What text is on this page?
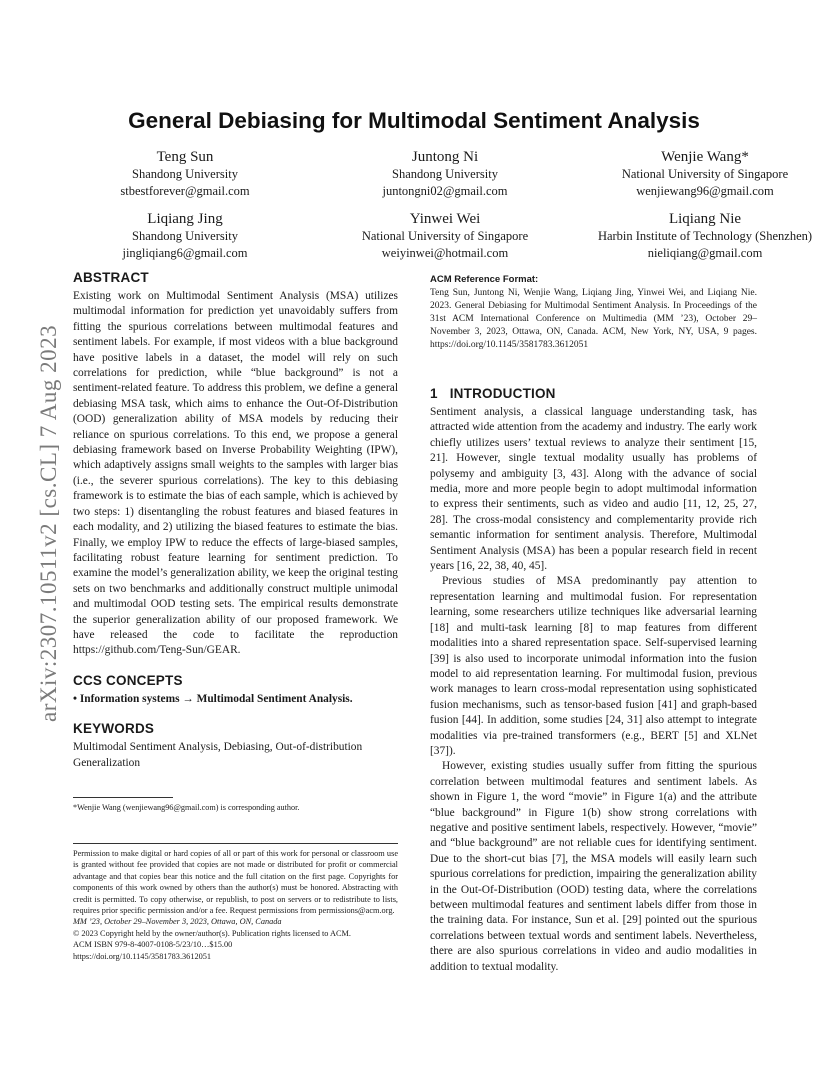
arXiv:2307.10511v2 [cs.CL] 7 Aug 2023
General Debiasing for Multimodal Sentiment Analysis
Teng Sun
Shandong University
stbestforever@gmail.com
Juntong Ni
Shandong University
juntongni02@gmail.com
Wenjie Wang*
National University of Singapore
wenjiewang96@gmail.com
Liqiang Jing
Shandong University
jingliqiang6@gmail.com
Yinwei Wei
National University of Singapore
weiyinwei@hotmail.com
Liqiang Nie
Harbin Institute of Technology (Shenzhen)
nieliqiang@gmail.com
ABSTRACT

Existing work on Multimodal Sentiment Analysis (MSA) utilizes multimodal information for prediction yet unavoidably suffers from fitting the spurious correlations between multimodal features and sentiment labels. For example, if most videos with a blue background have positive labels in a dataset, the model will rely on such correlations for prediction, while “blue background” is not a sentiment-related feature. To address this problem, we define a general debiasing MSA task, which aims to enhance the Out-Of-Distribution (OOD) generalization ability of MSA models by reducing their reliance on spurious correlations. To this end, we propose a general debiasing framework based on Inverse Probability Weighting (IPW), which adaptively assigns small weights to the samples with larger bias (i.e., the severer spurious correlations). The key to this debiasing framework is to estimate the bias of each sample, which is achieved by two steps: 1) disentangling the robust features and biased features in each modality, and 2) utilizing the biased features to estimate the bias. Finally, we employ IPW to reduce the effects of large-biased samples, facilitating robust feature learning for sentiment prediction. To examine the model’s generalization ability, we keep the original testing sets on two benchmarks and additionally construct multiple unimodal and multimodal OOD testing sets. The empirical results demonstrate the superior generalization ability of our proposed framework. We have released the code to facilitate the reproduction https://github.com/Teng-Sun/GEAR.

CCS CONCEPTS

• Information systems → Multimodal Sentiment Analysis.

KEYWORDS

Multimodal Sentiment Analysis, Debiasing, Out-of-distribution Generalization

*Wenjie Wang (wenjiewang96@gmail.com) is corresponding author.

Permission to make digital or hard copies of all or part of this work for personal or classroom use is granted without fee provided that copies are not made or distributed for profit or commercial advantage and that copies bear this notice and the full citation on the first page. Copyrights for components of this work owned by others than the author(s) must be honored. Abstracting with credit is permitted. To copy otherwise, or republish, to post on servers or to redistribute to lists, requires prior specific permission and/or a fee. Request permissions from permissions@acm.org.

MM ’23, October 29–November 3, 2023, Ottawa, ON, Canada

© 2023 Copyright held by the owner/author(s). Publication rights licensed to ACM.

ACM ISBN 979-8-4007-0108-5/23/10…$15.00

https://doi.org/10.1145/3581783.3612051

ACM Reference Format:

Teng Sun, Juntong Ni, Wenjie Wang, Liqiang Jing, Yinwei Wei, and Liqiang Nie. 2023. General Debiasing for Multimodal Sentiment Analysis. In Proceedings of the 31st ACM International Conference on Multimedia (MM ’23), October 29–November 3, 2023, Ottawa, ON, Canada. ACM, New York, NY, USA, 9 pages. https://doi.org/10.1145/3581783.3612051

1 INTRODUCTION

Sentiment analysis, a classical language understanding task, has attracted wide attention from the academy and industry. The early work chiefly utilizes users’ textual reviews to analyze their sentiment [15, 21]. However, single textual modality usually has problems of polysemy and ambiguity [3, 43]. Along with the advance of social media, more and more people begin to adopt multimodal information to express their sentiments, such as video and audio [11, 12, 25, 27, 28]. The cross-modal consistency and complementarity provide rich semantic information for sentiment analysis. Therefore, Multimodal Sentiment Analysis (MSA) has been a popular research field in recent years [16, 22, 38, 40, 45].

Previous studies of MSA predominantly pay attention to representation learning and multimodal fusion. For representation learning, some researchers utilize techniques like adversarial learning [18] and multi-task learning [8] to map features from different modalities into a shared representation space. Self-supervised learning [39] is also used to incorporate unimodal information into the fusion model to aid representation learning. For multimodal fusion, previous work manages to learn cross-modal representation using sophisticated fusion mechanisms, such as tensor-based fusion [41] and graph-based fusion [44]. In addition, some studies [24, 31] also attempt to integrate modalities via pre-trained transformers (e.g., BERT [5] and XLNet [37]).

However, existing studies usually suffer from fitting the spurious correlation between multimodal features and sentiment labels. As shown in Figure 1, the word “movie” in Figure 1(a) and the attribute “blue background” in Figure 1(b) show strong correlations with negative and positive sentiment labels, respectively. However, “movie” and “blue background” are not reliable cues for identifying sentiment. Due to the short-cut bias [7], the MSA models will easily learn such spurious correlations for prediction, impairing the generalization ability in the Out-Of-Distribution (OOD) testing data, where the correlations between multimodal features and sentiment labels differ from those in the training data. For instance, Sun et al. [29] pointed out the spurious correlations between textual words and sentiment labels. Nevertheless, there are also spurious correlations in video and audio modalities in addition to textual modality.
